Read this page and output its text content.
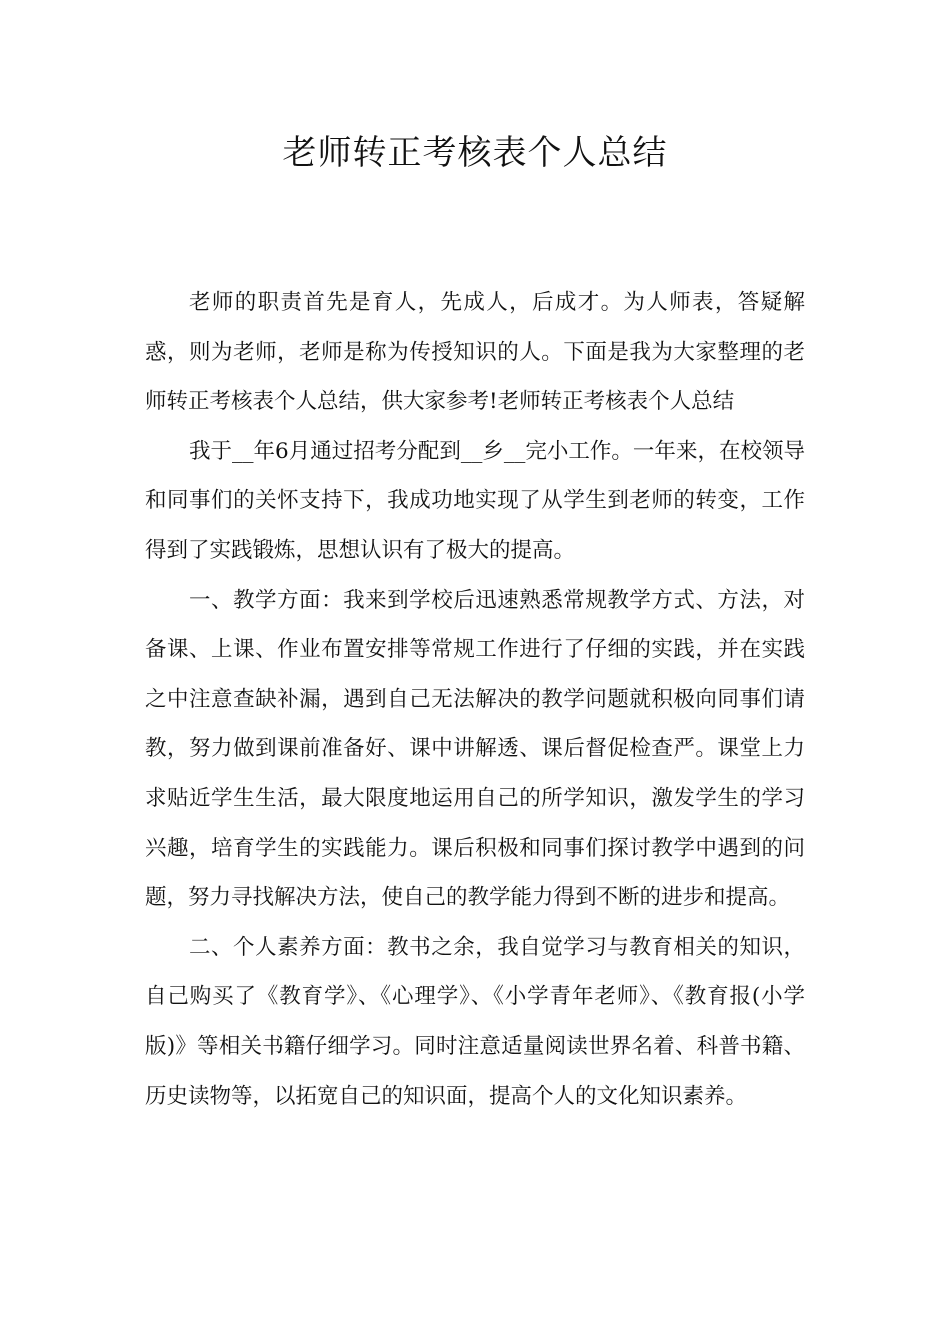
老师转正考核表个人总结

老师的职责首先是育人，先成人，后成才。为人师表，答疑解惑，则为老师，老师是称为传授知识的人。下面是我为大家整理的老师转正考核表个人总结，供大家参考!老师转正考核表个人总结

我于__年6月通过招考分配到__乡__完小工作。一年来，在校领导和同事们的关怀支持下，我成功地实现了从学生到老师的转变，工作得到了实践锻炼，思想认识有了极大的提高。

一、教学方面：我来到学校后迅速熟悉常规教学方式、方法，对备课、上课、作业布置安排等常规工作进行了仔细的实践，并在实践之中注意查缺补漏，遇到自己无法解决的教学问题就积极向同事们请教，努力做到课前准备好、课中讲解透、课后督促检查严。课堂上力求贴近学生生活，最大限度地运用自己的所学知识，激发学生的学习兴趣，培育学生的实践能力。课后积极和同事们探讨教学中遇到的问题，努力寻找解决方法，使自己的教学能力得到不断的进步和提高。

二、个人素养方面：教书之余，我自觉学习与教育相关的知识，自己购买了《教育学》、《心理学》、《小学青年老师》、《教育报(小学版)》等相关书籍仔细学习。同时注意适量阅读世界名着、科普书籍、历史读物等，以拓宽自己的知识面，提高个人的文化知识素养。
